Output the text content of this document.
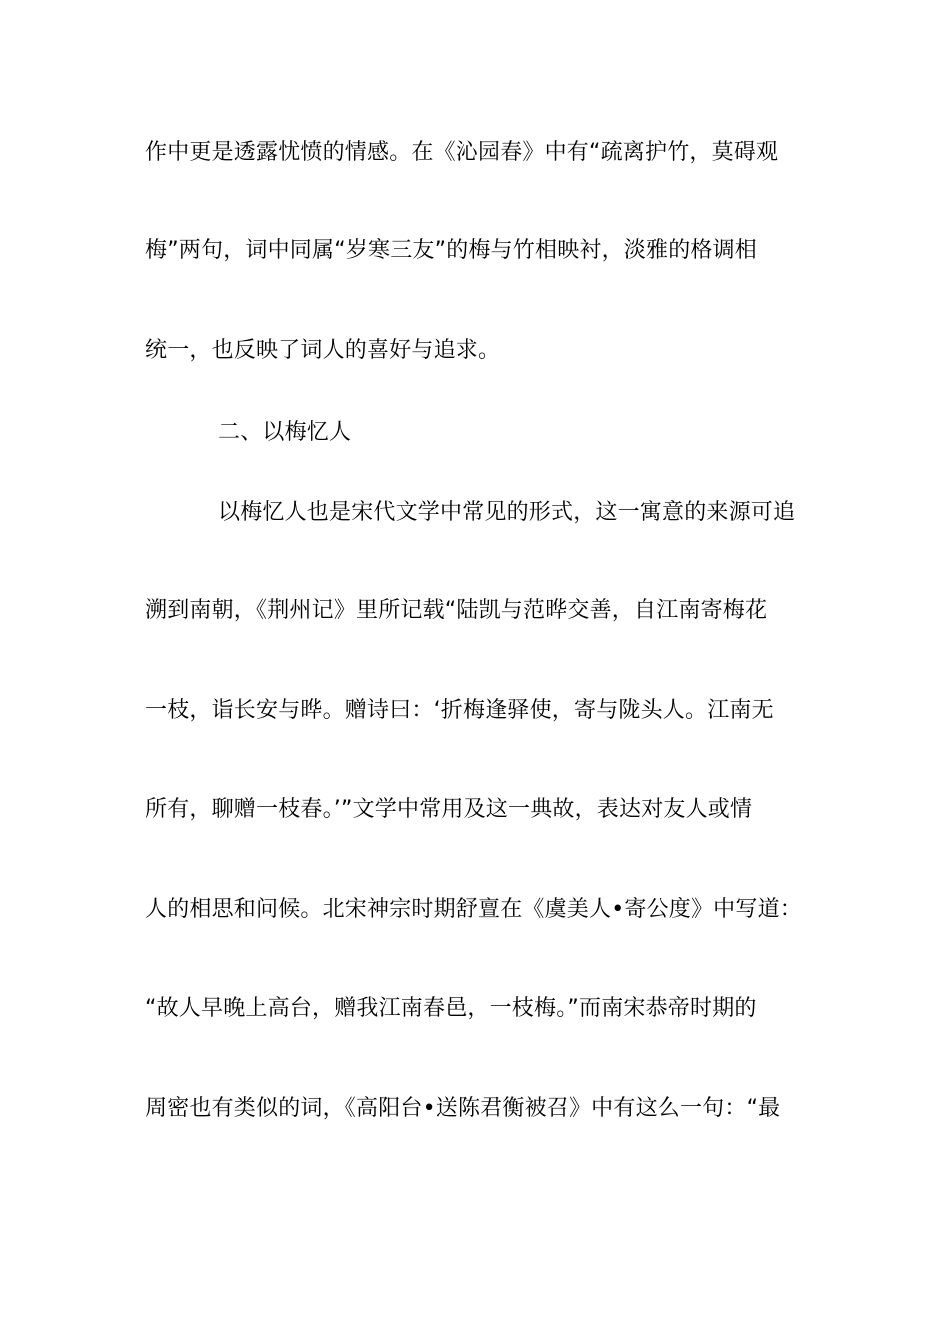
作中更是透露忧愤的情感。在《沁园春》中有“疏离护竹，莫碍观
梅”两句，词中同属“岁寒三友”的梅与竹相映衬，淡雅的格调相
统一，也反映了词人的喜好与追求。
二、以梅忆人
以梅忆人也是宋代文学中常见的形式，这一寓意的来源可追
溯到南朝，《荆州记》里所记载“陆凯与范晔交善，自江南寄梅花
一枝，诣长安与晔。赠诗曰：‘折梅逢驿使，寄与陇头人。江南无
所有，聊赠一枝春。’”文学中常用及这一典故，表达对友人或情
人的相思和问候。北宋神宗时期舒亶在《虞美人•寄公度》中写道：
“故人早晚上高台，赠我江南春邑，一枝梅。”而南宋恭帝时期的
周密也有类似的词，《高阳台•送陈君衡被召》中有这么一句：“最
